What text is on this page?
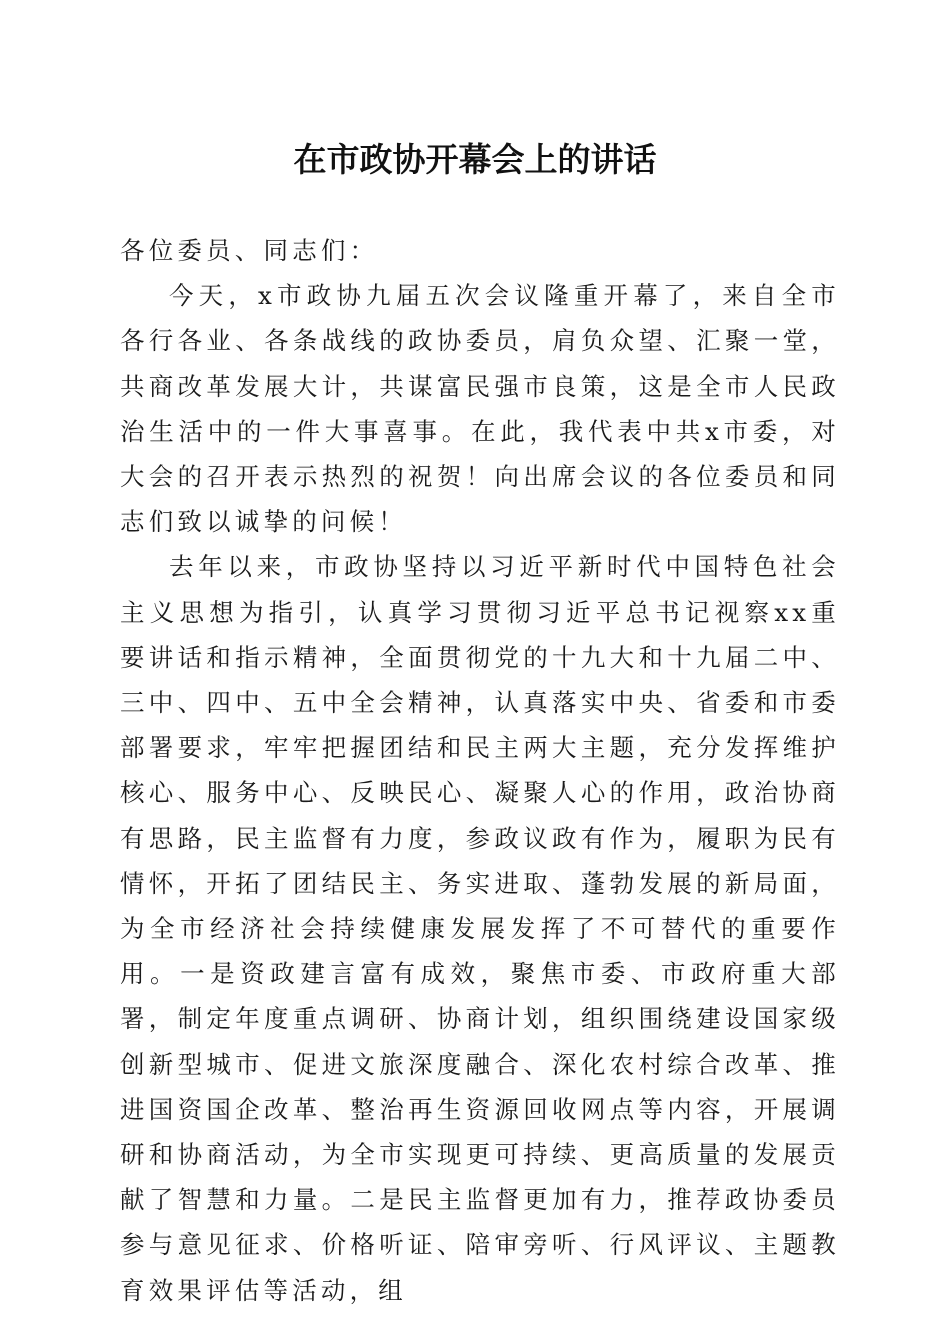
在市政协开幕会上的讲话

各位委员、同志们：

今天，x市政协九届五次会议隆重开幕了，来自全市各行各业、各条战线的政协委员，肩负众望、汇聚一堂，共商改革发展大计，共谋富民强市良策，这是全市人民政治生活中的一件大事喜事。在此，我代表中共x市委，对大会的召开表示热烈的祝贺！向出席会议的各位委员和同志们致以诚挚的问候！

去年以来，市政协坚持以习近平新时代中国特色社会主义思想为指引，认真学习贯彻习近平总书记视察xx重要讲话和指示精神，全面贯彻党的十九大和十九届二中、三中、四中、五中全会精神，认真落实中央、省委和市委部署要求，牢牢把握团结和民主两大主题，充分发挥维护核心、服务中心、反映民心、凝聚人心的作用，政治协商有思路，民主监督有力度，参政议政有作为，履职为民有情怀，开拓了团结民主、务实进取、蓬勃发展的新局面，为全市经济社会持续健康发展发挥了不可替代的重要作用。一是资政建言富有成效，聚焦市委、市政府重大部署，制定年度重点调研、协商计划，组织围绕建设国家级创新型城市、促进文旅深度融合、深化农村综合改革、推进国资国企改革、整治再生资源回收网点等内容，开展调研和协商活动，为全市实现更可持续、更高质量的发展贡献了智慧和力量。二是民主监督更加有力，推荐政协委员参与意见征求、价格听证、陪审旁听、行风评议、主题教育效果评估等活动，组
